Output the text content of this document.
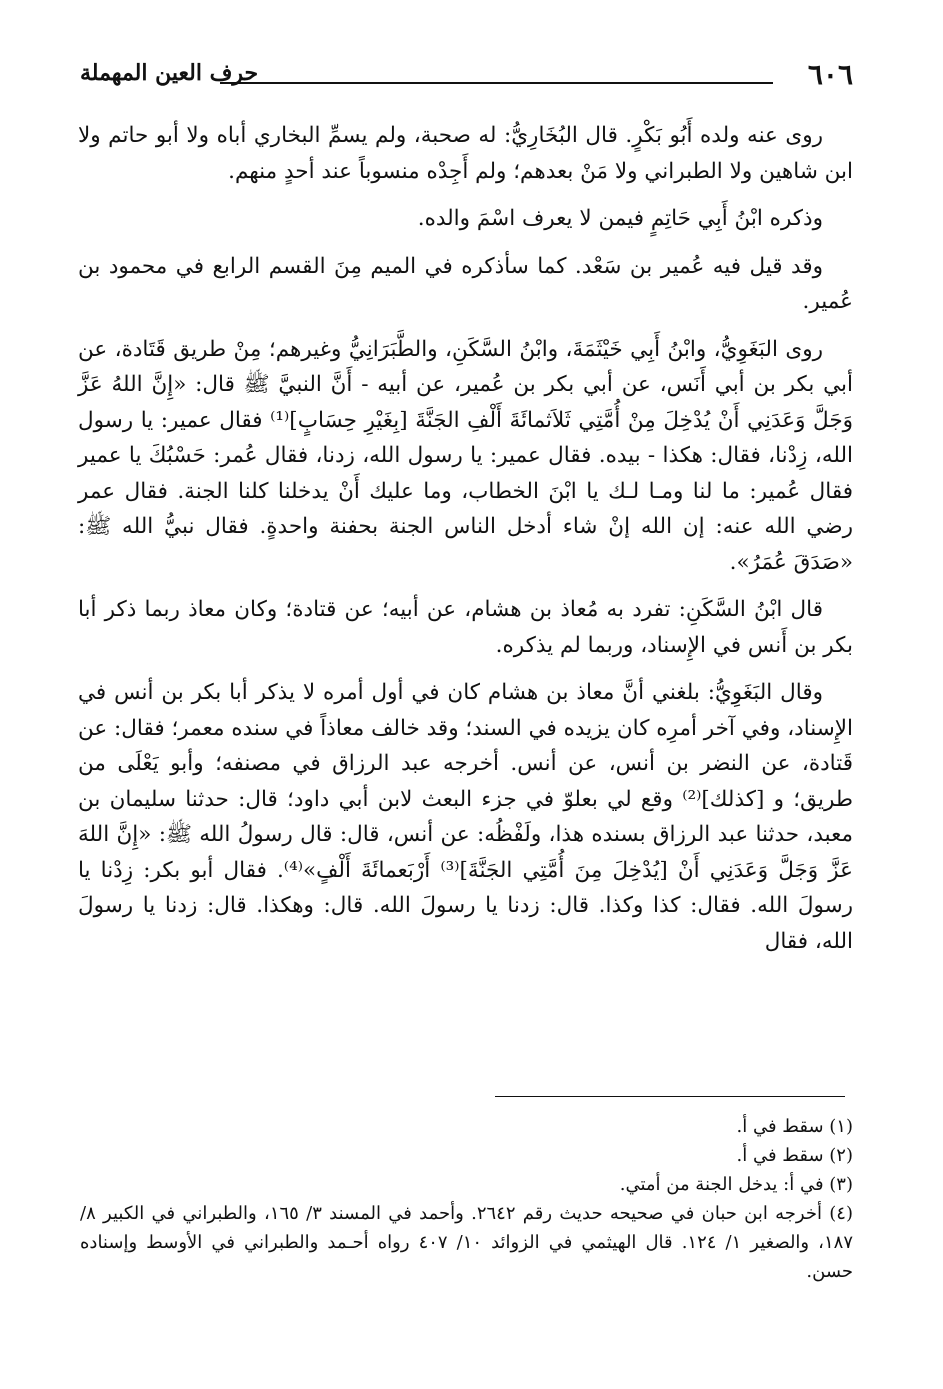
٦٠٦
حرف العين المهملة

روى عنه ولده أَبُو بَكْرٍ. قال البُخَارِيُّ: له صحبة، ولم يسمِّ البخاري أباه ولا أبو حاتم ولا ابن شاهين ولا الطبراني ولا مَنْ بعدهم؛ ولم أَجِدْه منسوباً عند أحدٍ منهم.

وذكره ابْنُ أَبِي حَاتِمٍ فيمن لا يعرف اسْمَ والده.

وقد قيل فيه عُمير بن سَعْد. كما سأذكره في الميم مِنَ القسم الرابع في محمود بن عُمير.

روى البَغَوِيُّ، وابْنُ أَبِي خَيْثَمَةَ، وابْنُ السَّكَنِ، والطَّبَرَانِيُّ وغيرهم؛ مِنْ طريق قَتَادة، عن أبي بكر بن أبي أَنَس، عن أبي بكر بن عُمير، عن أبيه - أَنَّ النبيَّ ﷺ قال: «إِنَّ اللهُ عَزَّ وَجَلَّ وَعَدَنِي أَنْ يُدْخِلَ مِنْ أُمَّتِي ثَلاَثمائَةَ أَلْفِ الجَنَّةَ [بِغَيْرِ حِسَابٍ]⁽¹⁾ فقال عمير: يا رسول الله، زِدْنا، فقال: هكذا - بيده. فقال عمير: يا رسول الله، زدنا، فقال عُمر: حَسْبُكَ يا عمير فقال عُمير: ما لنا ومـا لـك يا ابْنَ الخطاب، وما عليك أَنْ يدخلنا كلنا الجنة. فقال عمر رضي الله عنه: إن الله إنْ شاء أدخل الناس الجنة بحفنة واحدةٍ. فقال نبيُّ الله ﷺ: «صَدَقَ عُمَرُ».

قال ابْنُ السَّكَنِ: تفرد به مُعاذ بن هشام، عن أبيه؛ عن قتادة؛ وكان معاذ ربما ذكر أبا بكر بن أَنس في الإِسناد، وربما لم يذكره.

وقال البَغَوِيُّ: بلغني أنَّ معاذ بن هشام كان في أول أمره لا يذكر أبا بكر بن أنس في الإِسناد، وفي آخر أمرِه كان يزيده في السند؛ وقد خالف معاذاً في سنده معمر؛ فقال: عن قَتادة، عن النضر بن أنس، عن أنس. أخرجه عبد الرزاق في مصنفه؛ وأبو يَعْلَى من طريق؛ و [كذلك]⁽²⁾ وقع لي بعلوّ في جزء البعث لابن أبي داود؛ قال: حدثنا سليمان بن معبد، حدثنا عبد الرزاق بسنده هذا، ولَفْظُه: عن أنس، قال: قال رسولُ الله ﷺ: «إِنَّ اللهَ عَزَّ وَجَلَّ وَعَدَنِي أَنْ [يُدْخِلَ مِنَ أُمَّتِي الجَنَّةَ]⁽³⁾ أَرْبَعمائَةَ أَلْفٍ»⁽⁴⁾. فقال أبو بكر: زِدْنا يا رسولَ الله. فقال: كذا وكذا. قال: زدنا يا رسولَ الله. قال: وهكذا. قال: زدنا يا رسولَ الله، فقال

(١) سقط في أ.

(٢) سقط في أ.

(٣) في أ: يدخل الجنة من أمتي.

(٤) أخرجه ابن حبان في صحيحه حديث رقم ٢٦٤٢. وأحمد في المسند ٣/ ١٦٥، والطبراني في الكبير ٨/ ١٨٧، والصغير ١/ ١٢٤. قال الهيثمي في الزوائد ١٠/ ٤٠٧ رواه أحـمد والطبراني في الأوسط وإسناده حسن.
